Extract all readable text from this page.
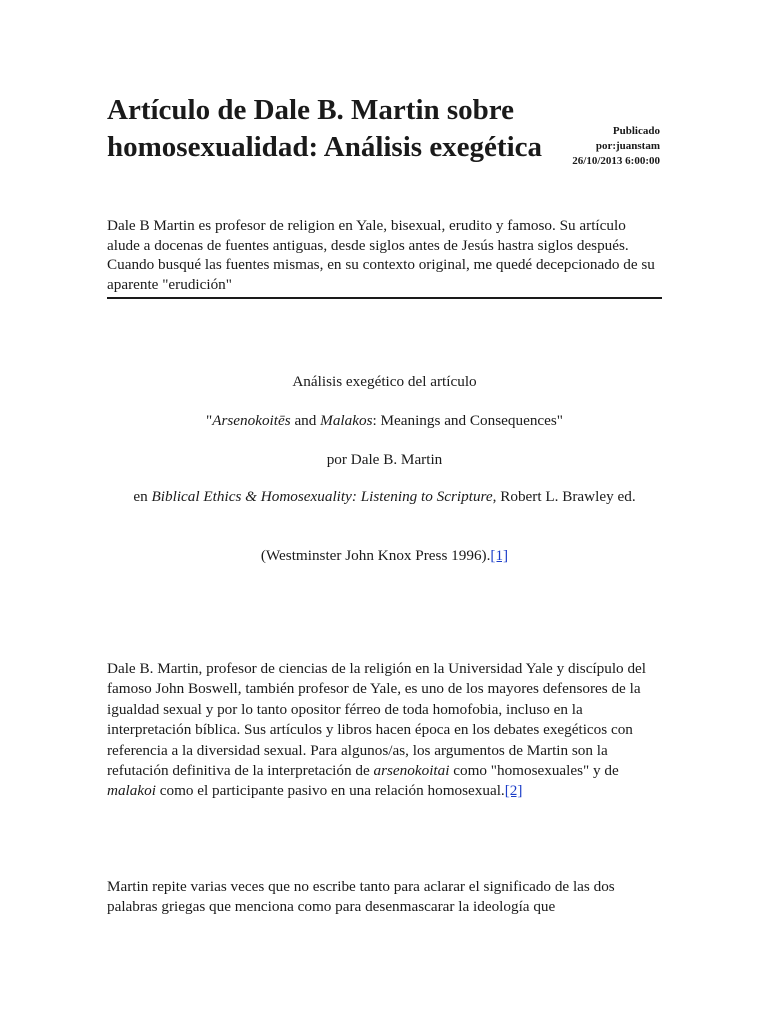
Artículo de Dale B. Martin sobre homosexualidad: Análisis exegética	Publicado
por:juanstam
26/10/2013 6:00:00

Dale B Martin es profesor de religion en Yale, bisexual, erudito y famoso. Su artículo alude a docenas de fuentes antiguas, desde siglos antes de Jesús hastra siglos después. Cuando busqué las fuentes mismas, en su contexto original, me quedé decepcionado de su aparente "erudición"

Análisis exegético del artículo

"Arsenokoitēs and Malakos: Meanings and Consequences"

por Dale B. Martin

en Biblical Ethics & Homosexuality: Listening to Scripture, Robert L. Brawley ed.

(Westminster John Knox Press 1996).[1]

Dale B. Martin, profesor de ciencias de la religión en la Universidad Yale y discípulo del famoso John Boswell, también profesor de Yale, es uno de los mayores defensores de la igualdad sexual y por lo tanto opositor férreo de toda homofobia, incluso en la interpretación bíblica. Sus artículos y libros hacen época en los debates exegéticos con referencia a la diversidad sexual. Para algunos/as, los argumentos de Martin son la refutación definitiva de la interpretación de arsenokoitai como "homosexuales" y de malakoi como el participante pasivo en una relación homosexual.[2]

Martin repite varias veces que no escribe tanto para aclarar el significado de las dos palabras griegas que menciona como para desenmascarar la ideología que
